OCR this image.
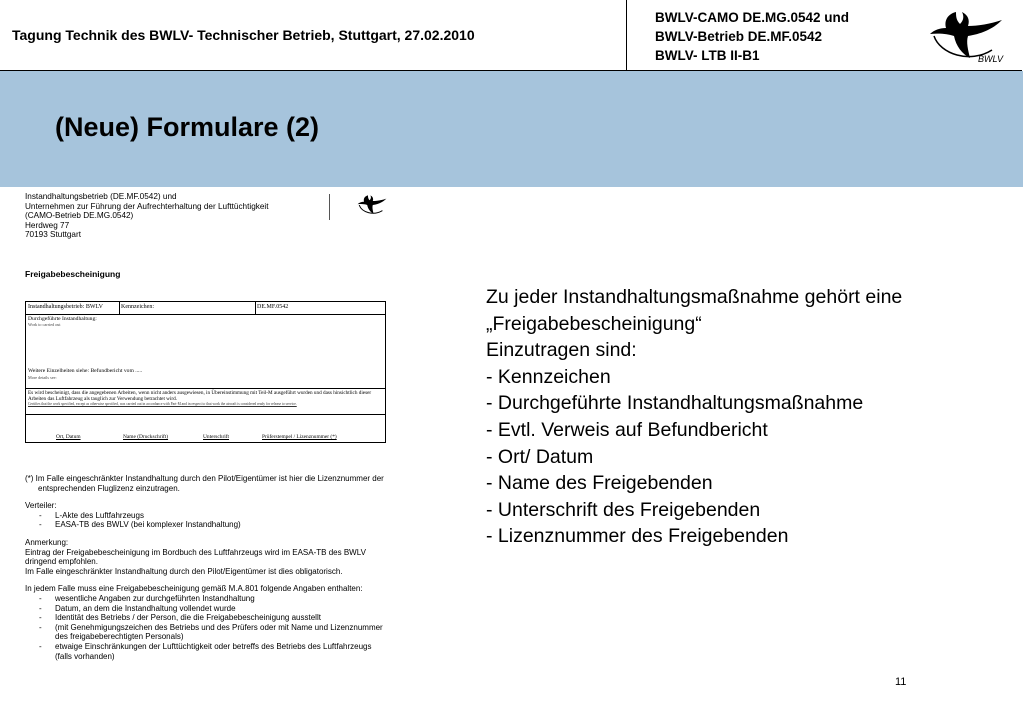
Tagung Technik des BWLV- Technischer Betrieb, Stuttgart, 27.02.2010
BWLV-CAMO DE.MG.0542 und
BWLV-Betrieb DE.MF.0542
BWLV- LTB II-B1	BWLV
(Neue) Formulare (2)
Instandhaltungsbetrieb (DE.MF.0542) und
Unternehmen zur Führung der Aufrechterhaltung der Lufttüchtigkeit
(CAMO-Betrieb DE.MG.0542)
Herdweg 77
70193 Stuttgart
Freigabebescheinigung
Instandhaltungsbetrieb: BWLV	Kennzeichen:	DE.MF.0542
Durchgeführte Instandhaltung:
Work to carried out
Weitere Einzelheiten siehe: Befundbericht vom .....
More details see:
Es wird bescheinigt, dass die angegebenen Arbeiten, wenn nicht anders ausgewiesen, in Übereinstimmung mit Teil-M ausgeführt wurden und dass hinsichtlich dieser Arbeiten das Luftfahrzeug als tauglich zur Verwendung betrachtet wird.
Certifies that the work specified, except as otherwise specified, was carried out in accordance with Part-M and in respect to that work the aircraft is considered ready for release to service.
Ort, Datum	Name (Druckschrift)	Unterschrift	Prüferstempel / Lizenznummer (*)

(*) Im Falle eingeschränkter Instandhaltung durch den Pilot/Eigentümer ist hier die Lizenznummer der entsprechenden Fluglizenz einzutragen.

Verteiler:
- L-Akte des Luftfahrzeugs
- EASA-TB des BWLV (bei komplexer Instandhaltung)
Anmerkung:
Eintrag der Freigabebescheinigung im Bordbuch des Luftfahrzeugs wird im EASA-TB des BWLV dringend empfohlen.

Im Falle eingeschränkter Instandhaltung durch den Pilot/Eigentümer ist dies obligatorisch.

In jedem Falle muss eine Freigabebescheinigung gemäß M.A.801 folgende Angaben enthalten:
- wesentliche Angaben zur durchgeführten Instandhaltung
- Datum, an dem die Instandhaltung vollendet wurde
- Identität des Betriebs / der Person, die die Freigabebescheinigung ausstellt
- (mit Genehmigungszeichen des Betriebs und des Prüfers oder mit Name und Lizenznummer des freigabeberechtigten Personals)
- etwaige Einschränkungen der Lufttüchtigkeit oder betreffs des Betriebs des Luftfahrzeugs (falls vorhanden)
Zu jeder Instandhaltungsmaßnahme gehört eine
„Freigabebescheinigung“
Einzutragen sind:
- Kennzeichen
- Durchgeführte Instandhaltungsmaßnahme
- Evtl. Verweis auf Befundbericht
- Ort/ Datum
- Name des Freigebenden
- Unterschrift des Freigebenden
- Lizenznummer des Freigebenden
11
